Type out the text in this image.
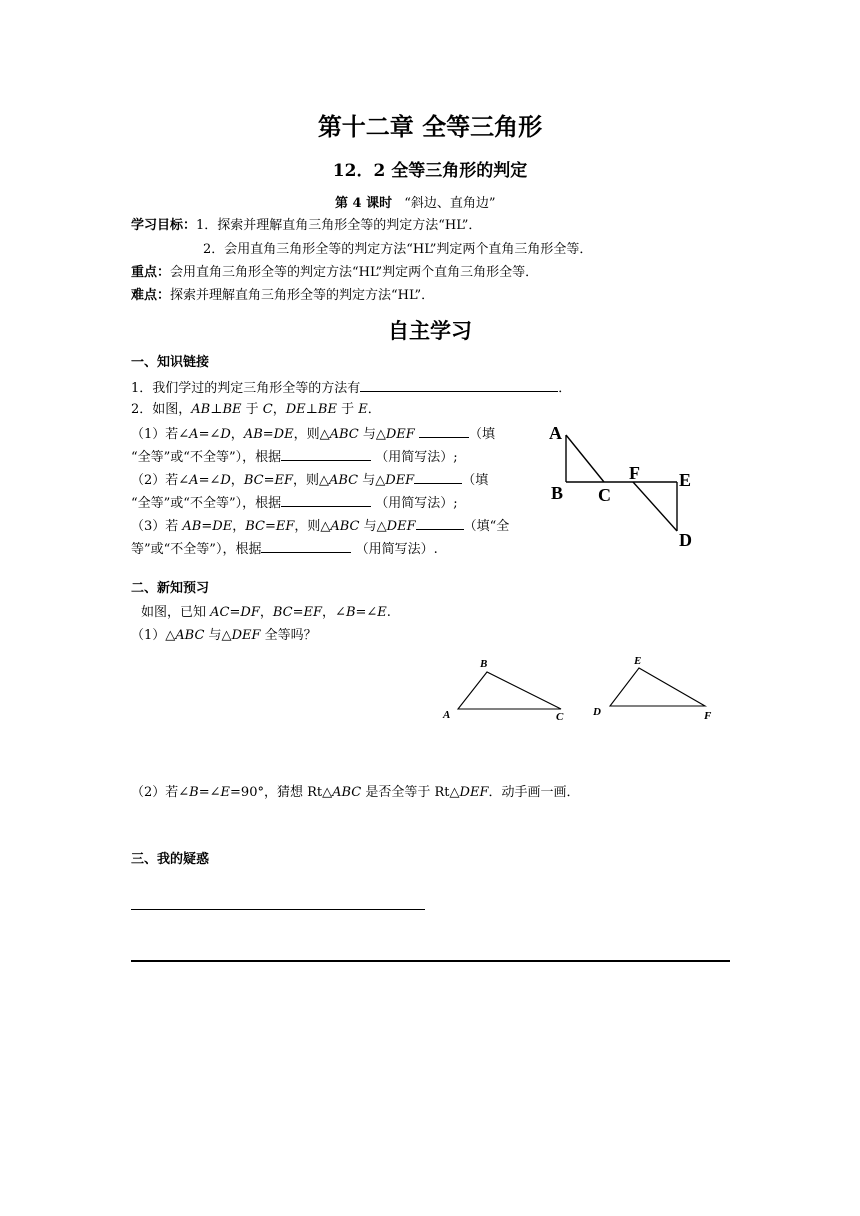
第十二章 全等三角形
12．2 全等三角形的判定
第 4 课时 “斜边、直角边”
学习目标：1．探索并理解直角三角形全等的判定方法“HL”．
2．会用直角三角形全等的判定方法“HL”判定两个直角三角形全等．
重点：会用直角三角形全等的判定方法“HL”判定两个直角三角形全等．
难点：探索并理解直角三角形全等的判定方法“HL”．
自主学习
一、知识链接
1．我们学过的判定三角形全等的方法有	．
2．如图，AB⊥BE 于 C，DE⊥BE 于 E．
（1）若∠A=∠D，AB=DE，则△ABC 与△DEF	（填
“全等”或“不全等”），根据	（用简写法）;
（2）若∠A=∠D，BC=EF，则△ABC 与△DEF	（填
“全等”或“不全等”），根据	（用简写法）;
（3）若 AB=DE，BC=EF，则△ABC 与△DEF	（填“全
等”或“不全等”），根据	（用简写法）.
A
B C
F E
D
二、新知预习
如图，已知 AC=DF，BC=EF，∠B=∠E.
（1）△ABC 与△DEF 全等吗？
B
A	C
E
D	F
（2）若∠B=∠E=90°，猜想 Rt△ABC 是否全等于 Rt△DEF．动手画一画．
三、我的疑惑
